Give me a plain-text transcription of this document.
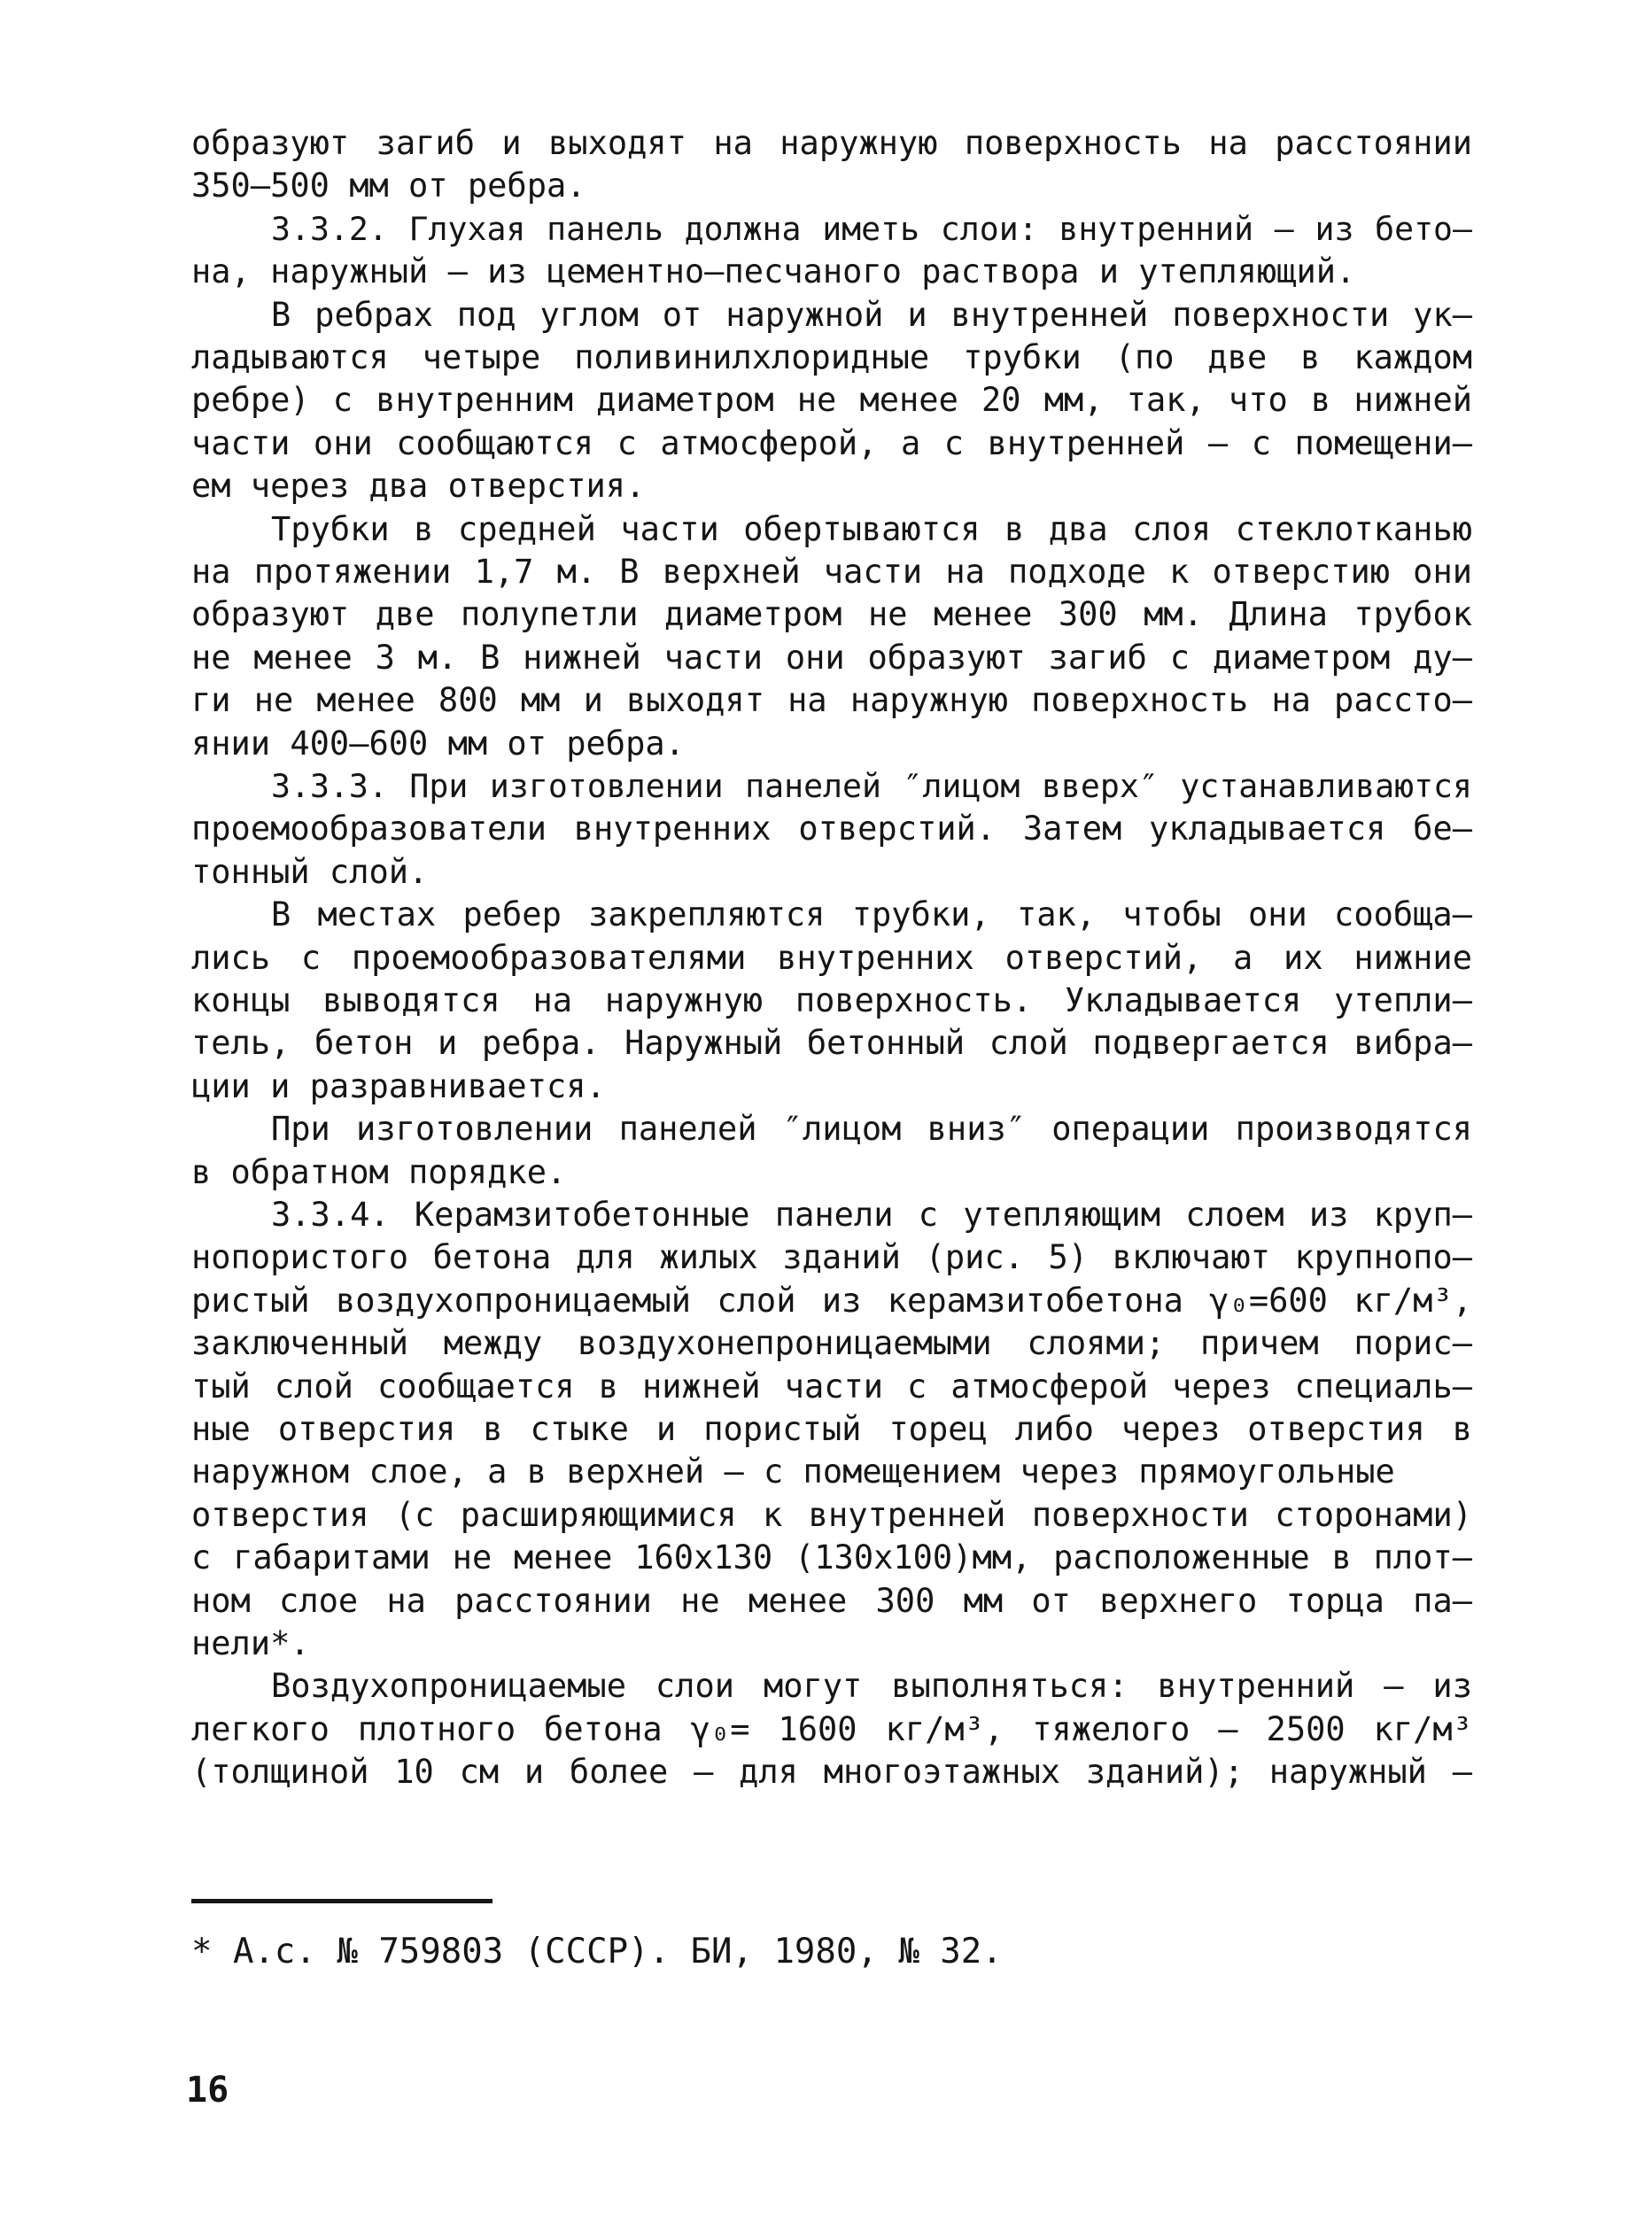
образуют загиб и выходят на наружную поверхность на расстоянии
350–500 мм от ребра.
3.3.2. Глухая панель должна иметь слои: внутренний – из бето–
на, наружный – из цементно–песчаного раствора и утепляющий.
В ребрах под углом от наружной и внутренней поверхности ук–
ладываются четыре поливинилхлоридные трубки (по две в каждом
ребре) с внутренним диаметром не менее 20 мм, так, что в нижней
части они сообщаются с атмосферой, а с внутренней – с помещени–
ем через два отверстия.
Трубки в средней части обертываются в два слоя стеклотканью
на протяжении 1,7 м. В верхней части на подходе к отверстию они
образуют две полупетли диаметром не менее 300 мм. Длина трубок
не менее 3 м. В нижней части они образуют загиб с диаметром ду–
ги не менее 800 мм и выходят на наружную поверхность на рассто–
янии 400–600 мм от ребра.
3.3.3. При изготовлении панелей ″лицом вверх″ устанавливаются
проемообразователи внутренних отверстий. Затем укладывается бе–
тонный слой.
В местах ребер закрепляются трубки, так, чтобы они сообща–
лись с проемообразователями внутренних отверстий, а их нижние
концы выводятся на наружную поверхность. Укладывается утепли–
тель, бетон и ребра. Наружный бетонный слой подвергается вибра–
ции и разравнивается.
При изготовлении панелей ″лицом вниз″ операции производятся
в обратном порядке.
3.3.4. Керамзитобетонные панели с утепляющим слоем из круп–
нопористого бетона для жилых зданий (рис. 5) включают крупнопо–
ристый воздухопроницаемый слой из керамзитобетона γ₀=600 кг/м³,
заключенный между воздухонепроницаемыми слоями; причем порис–
тый слой сообщается в нижней части с атмосферой через специаль–
ные отверстия в стыке и пористый торец либо через отверстия в
наружном слое, а в верхней – с помещением через прямоугольные
отверстия (с расширяющимися к внутренней поверхности сторонами)
с габаритами не менее 160х130 (130х100)мм, расположенные в плот–
ном слое на расстоянии не менее 300 мм от верхнего торца па–
нели*.
Воздухопроницаемые слои могут выполняться: внутренний – из
легкого плотного бетона γ₀= 1600 кг/м³, тяжелого – 2500 кг/м³
(толщиной 10 см и более – для многоэтажных зданий); наружный –
* А.с. № 759803 (СССР). БИ, 1980, № 32.
16
